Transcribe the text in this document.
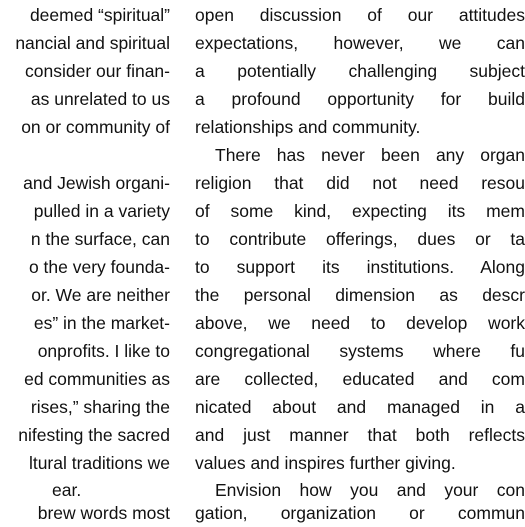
deemed “spiritual”
nancial and spiritual
consider our finan-
as unrelated to us
on or community of
and Jewish organi-
pulled in a variety
n the surface, can
o the very founda-
or. We are neither
es” in the market-
onprofits. I like to
ed communities as
rises,” sharing the
nifesting the sacred
ltural traditions we
ear.
brew words most
open discussion of our attitudes
expectations, however, we can
a potentially challenging subject
a profound opportunity for build
relationships and community.
There has never been any organ
religion that did not need resou
of some kind, expecting its mem
to contribute offerings, dues or ta
to support its institutions. Along
the personal dimension as descr
above, we need to develop work
congregational systems where fu
are collected, educated and com
nicated about and managed in a
and just manner that both reflects
values and inspires further giving.
Envision how you and your con
gation, organization or commun
